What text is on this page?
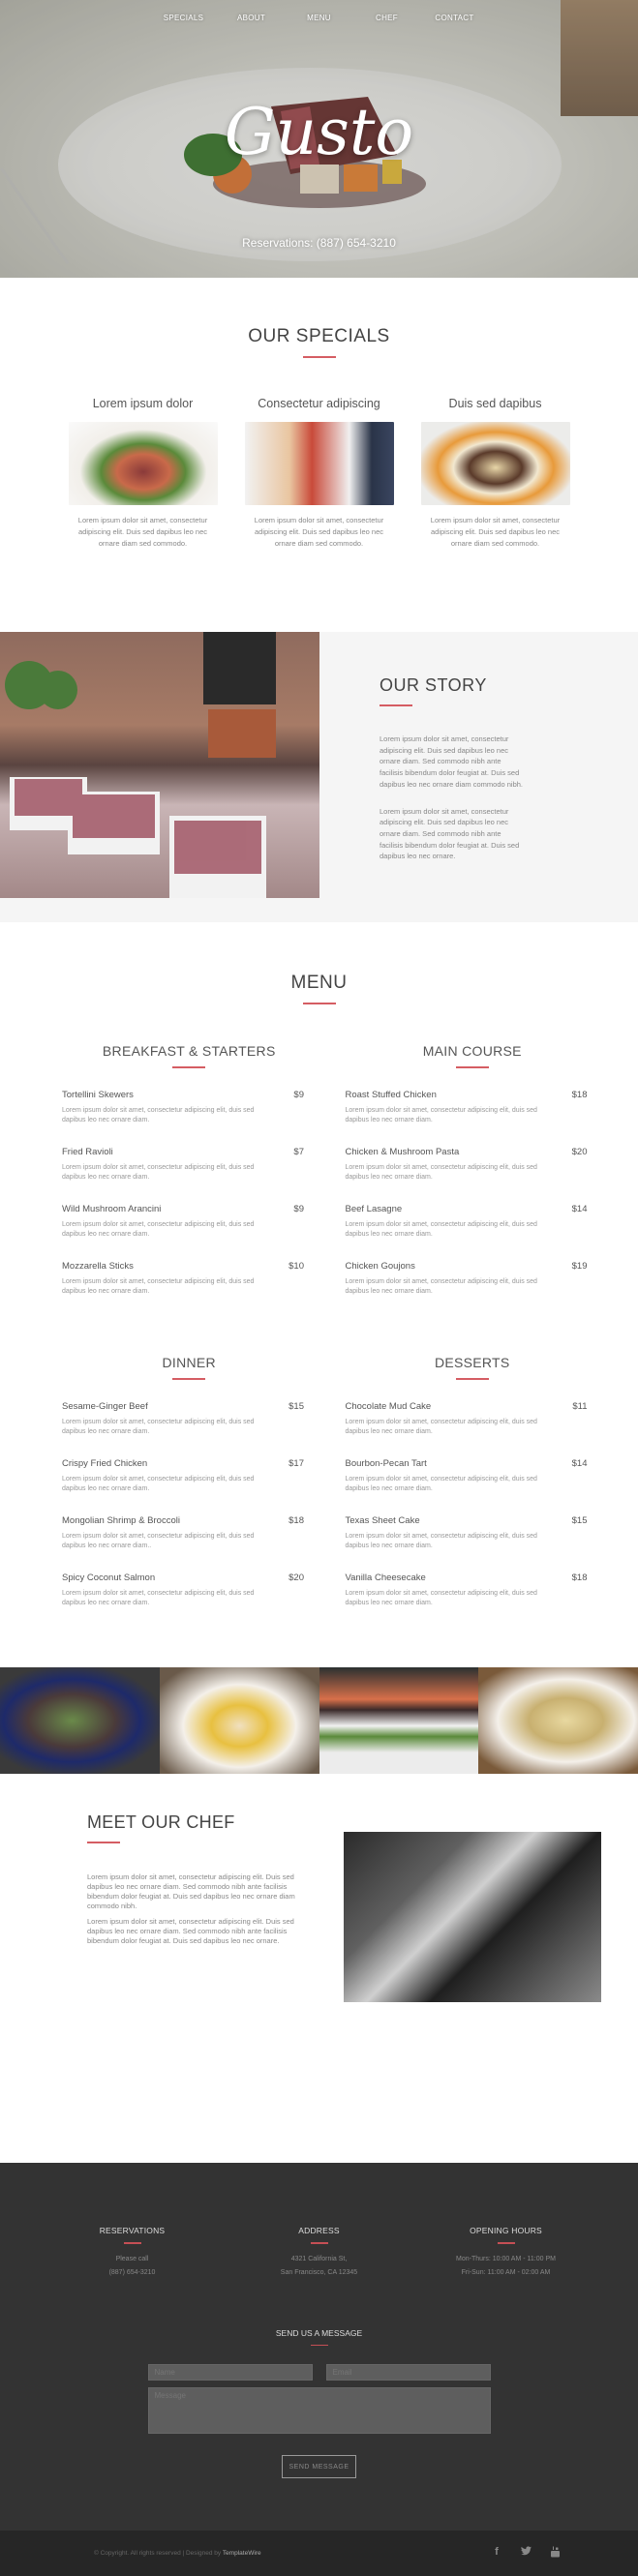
SPECIALS	ABOUT	MENU	CHEF	CONTACT
Gusto
Reservations: (887) 654-3210
OUR SPECIALS
Lorem ipsum dolor

Lorem ipsum dolor sit amet, consectetur adipiscing elit. Duis sed dapibus leo nec ornare diam sed commodo.

Consectetur adipiscing

Lorem ipsum dolor sit amet, consectetur adipiscing elit. Duis sed dapibus leo nec ornare diam sed commodo.

Duis sed dapibus

Lorem ipsum dolor sit amet, consectetur adipiscing elit. Duis sed dapibus leo nec ornare diam sed commodo.

OUR STORY

Lorem ipsum dolor sit amet, consectetur adipiscing elit. Duis sed dapibus leo nec ornare diam. Sed commodo nibh ante facilisis bibendum dolor feugiat at. Duis sed dapibus leo nec ornare diam commodo nibh.

Lorem ipsum dolor sit amet, consectetur adipiscing elit. Duis sed dapibus leo nec ornare diam. Sed commodo nibh ante facilisis bibendum dolor feugiat at. Duis sed dapibus leo nec ornare.

MENU
BREAKFAST & STARTERS
Tortellini Skewers	$9

Lorem ipsum dolor sit amet, consectetur adipiscing elit, duis sed dapibus leo nec ornare diam.

Fried Ravioli	$7

Lorem ipsum dolor sit amet, consectetur adipiscing elit, duis sed dapibus leo nec ornare diam.

Wild Mushroom Arancini	$9

Lorem ipsum dolor sit amet, consectetur adipiscing elit, duis sed dapibus leo nec ornare diam.

Mozzarella Sticks	$10

Lorem ipsum dolor sit amet, consectetur adipiscing elit, duis sed dapibus leo nec ornare diam.

MAIN COURSE
Roast Stuffed Chicken	$18

Lorem ipsum dolor sit amet, consectetur adipiscing elit, duis sed dapibus leo nec ornare diam.

Chicken & Mushroom Pasta	$20

Lorem ipsum dolor sit amet, consectetur adipiscing elit, duis sed dapibus leo nec ornare diam.

Beef Lasagne	$14

Lorem ipsum dolor sit amet, consectetur adipiscing elit, duis sed dapibus leo nec ornare diam.

Chicken Goujons	$19

Lorem ipsum dolor sit amet, consectetur adipiscing elit, duis sed dapibus leo nec ornare diam.

DINNER
Sesame-Ginger Beef	$15

Lorem ipsum dolor sit amet, consectetur adipiscing elit, duis sed dapibus leo nec ornare diam.

Crispy Fried Chicken	$17

Lorem ipsum dolor sit amet, consectetur adipiscing elit, duis sed dapibus leo nec ornare diam.

Mongolian Shrimp & Broccoli	$18

Lorem ipsum dolor sit amet, consectetur adipiscing elit, duis sed dapibus leo nec ornare diam..

Spicy Coconut Salmon	$20

Lorem ipsum dolor sit amet, consectetur adipiscing elit, duis sed dapibus leo nec ornare diam.

DESSERTS
Chocolate Mud Cake	$11

Lorem ipsum dolor sit amet, consectetur adipiscing elit, duis sed dapibus leo nec ornare diam.

Bourbon-Pecan Tart	$14

Lorem ipsum dolor sit amet, consectetur adipiscing elit, duis sed dapibus leo nec ornare diam.

Texas Sheet Cake	$15

Lorem ipsum dolor sit amet, consectetur adipiscing elit, duis sed dapibus leo nec ornare diam.

Vanilla Cheesecake	$18

Lorem ipsum dolor sit amet, consectetur adipiscing elit, duis sed dapibus leo nec ornare diam.

MEET OUR CHEF

Lorem ipsum dolor sit amet, consectetur adipiscing elit. Duis sed dapibus leo nec ornare diam. Sed commodo nibh ante facilisis bibendum dolor feugiat at. Duis sed dapibus leo nec ornare diam commodo nibh.

Lorem ipsum dolor sit amet, consectetur adipiscing elit. Duis sed dapibus leo nec ornare diam. Sed commodo nibh ante facilisis bibendum dolor feugiat at. Duis sed dapibus leo nec ornare.

RESERVATIONS

Please call

(887) 654-3210

ADDRESS

4321 California St,

San Francisco, CA 12345

OPENING HOURS

Mon-Thurs: 10:00 AM - 11:00 PM

Fri-Sun: 11:00 AM - 02:00 AM

SEND US A MESSAGE
Name
Email
Message
SEND MESSAGE
© Copyright. All rights reserved | Designed by TemplateWire	f
